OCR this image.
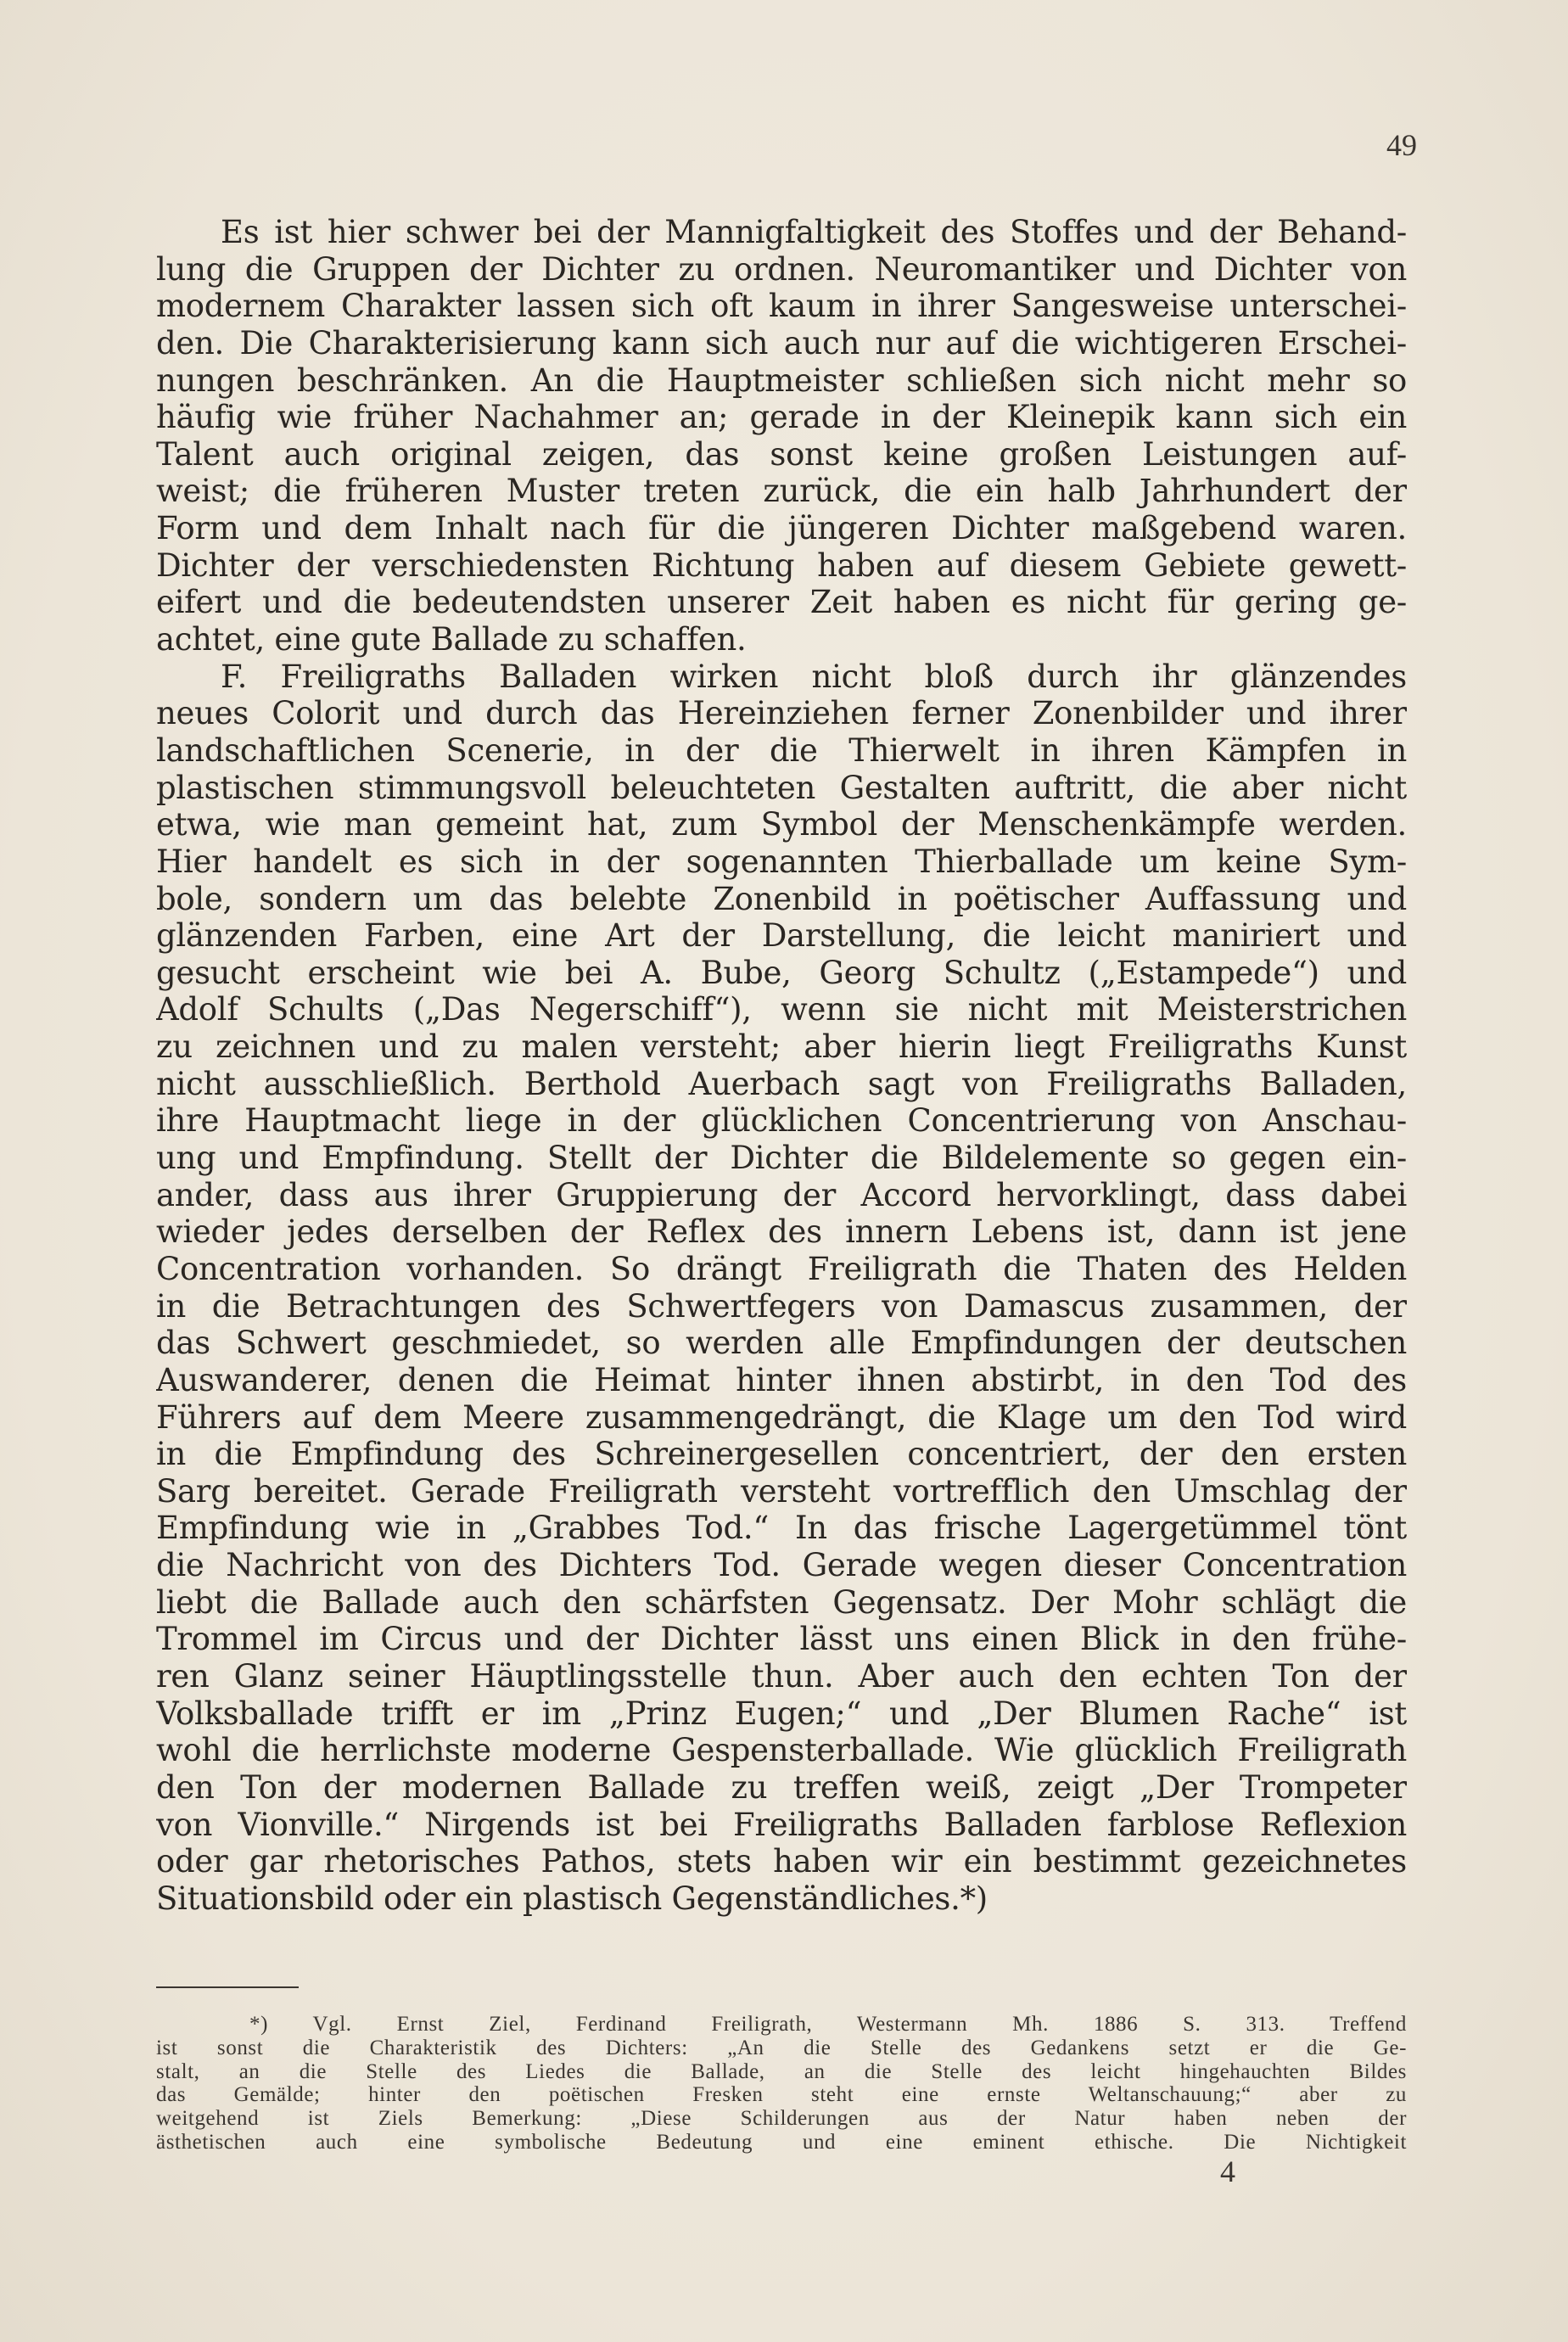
49
Es ist hier schwer bei der Mannigfaltigkeit des Stoffes und der Behand-
lung die Gruppen der Dichter zu ordnen. Neuromantiker und Dichter von
modernem Charakter lassen sich oft kaum in ihrer Sangesweise unterschei-
den. Die Charakterisierung kann sich auch nur auf die wichtigeren Erschei-
nungen beschränken. An die Hauptmeister schließen sich nicht mehr so
häufig wie früher Nachahmer an; gerade in der Kleinepik kann sich ein
Talent auch original zeigen, das sonst keine großen Leistungen auf-
weist; die früheren Muster treten zurück, die ein halb Jahrhundert der
Form und dem Inhalt nach für die jüngeren Dichter maßgebend waren.
Dichter der verschiedensten Richtung haben auf diesem Gebiete gewett-
eifert und die bedeutendsten unserer Zeit haben es nicht für gering ge-
achtet, eine gute Ballade zu schaffen.
F. Freiligraths Balladen wirken nicht bloß durch ihr glänzendes
neues Colorit und durch das Hereinziehen ferner Zonenbilder und ihrer
landschaftlichen Scenerie, in der die Thierwelt in ihren Kämpfen in
plastischen stimmungsvoll beleuchteten Gestalten auftritt, die aber nicht
etwa, wie man gemeint hat, zum Symbol der Menschenkämpfe werden.
Hier handelt es sich in der sogenannten Thierballade um keine Sym-
bole, sondern um das belebte Zonenbild in poëtischer Auffassung und
glänzenden Farben, eine Art der Darstellung, die leicht maniriert und
gesucht erscheint wie bei A. Bube, Georg Schultz („Estampede“) und
Adolf Schults („Das Negerschiff“), wenn sie nicht mit Meisterstrichen
zu zeichnen und zu malen versteht; aber hierin liegt Freiligraths Kunst
nicht ausschließlich. Berthold Auerbach sagt von Freiligraths Balladen,
ihre Hauptmacht liege in der glücklichen Concentrierung von Anschau-
ung und Empfindung. Stellt der Dichter die Bildelemente so gegen ein-
ander, dass aus ihrer Gruppierung der Accord hervorklingt, dass dabei
wieder jedes derselben der Reflex des innern Lebens ist, dann ist jene
Concentration vorhanden. So drängt Freiligrath die Thaten des Helden
in die Betrachtungen des Schwertfegers von Damascus zusammen, der
das Schwert geschmiedet, so werden alle Empfindungen der deutschen
Auswanderer, denen die Heimat hinter ihnen abstirbt, in den Tod des
Führers auf dem Meere zusammengedrängt, die Klage um den Tod wird
in die Empfindung des Schreinergesellen concentriert, der den ersten
Sarg bereitet. Gerade Freiligrath versteht vortrefflich den Umschlag der
Empfindung wie in „Grabbes Tod.“ In das frische Lagergetümmel tönt
die Nachricht von des Dichters Tod. Gerade wegen dieser Concentration
liebt die Ballade auch den schärfsten Gegensatz. Der Mohr schlägt die
Trommel im Circus und der Dichter lässt uns einen Blick in den frühe-
ren Glanz seiner Häuptlingsstelle thun. Aber auch den echten Ton der
Volksballade trifft er im „Prinz Eugen;“ und „Der Blumen Rache“ ist
wohl die herrlichste moderne Gespensterballade. Wie glücklich Freiligrath
den Ton der modernen Ballade zu treffen weiß, zeigt „Der Trompeter
von Vionville.“ Nirgends ist bei Freiligraths Balladen farblose Reflexion
oder gar rhetorisches Pathos, stets haben wir ein bestimmt gezeichnetes
Situationsbild oder ein plastisch Gegenständliches.*)
*) Vgl. Ernst Ziel, Ferdinand Freiligrath, Westermann Mh. 1886 S. 313. Treffend
ist sonst die Charakteristik des Dichters: „An die Stelle des Gedankens setzt er die Ge-
stalt, an die Stelle des Liedes die Ballade, an die Stelle des leicht hingehauchten Bildes
das Gemälde; hinter den poëtischen Fresken steht eine ernste Weltanschauung;“ aber zu
weitgehend ist Ziels Bemerkung: „Diese Schilderungen aus der Natur haben neben der
ästhetischen auch eine symbolische Bedeutung und eine eminent ethische. Die Nichtigkeit
4
